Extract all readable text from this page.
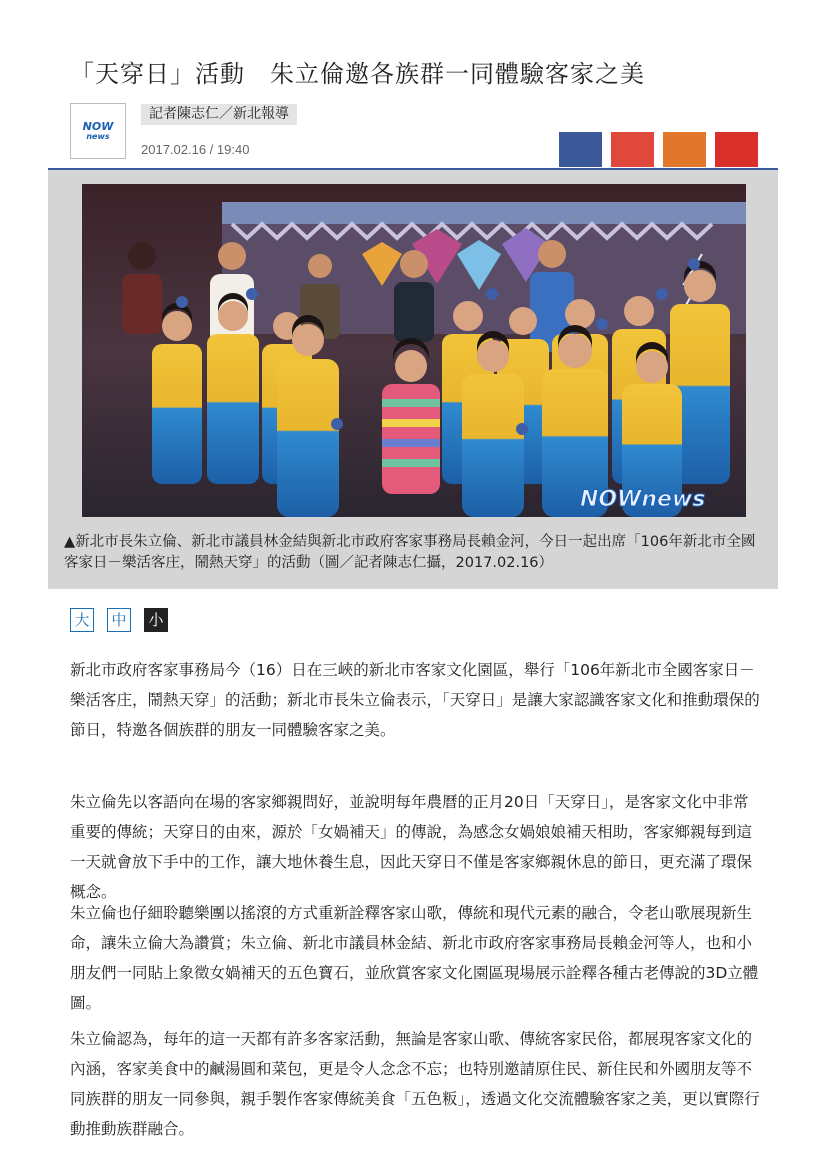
「天穿日」活動　朱立倫邀各族群一同體驗客家之美
NOW
news
記者陳志仁／新北報導
2017.02.16 / 19:40
NOWnews
▲新北市長朱立倫、新北市議員林金結與新北市政府客家事務局長賴金河，今日一起出席「106年新北市全國客家日－樂活客庄，鬧熱天穿」的活動（圖／記者陳志仁攝，2017.02.16）
大	中	小

新北市政府客家事務局今（16）日在三峽的新北市客家文化園區，舉行「106年新北市全國客家日－樂活客庄，鬧熱天穿」的活動；新北市長朱立倫表示，「天穿日」是讓大家認識客家文化和推動環保的節日，特邀各個族群的朋友一同體驗客家之美。

朱立倫先以客語向在場的客家鄉親問好，並說明每年農曆的正月20日「天穿日」，是客家文化中非常重要的傳統；天穿日的由來，源於「女媧補天」的傳說，為感念女媧娘娘補天相助，客家鄉親每到這一天就會放下手中的工作，讓大地休養生息，因此天穿日不僅是客家鄉親休息的節日，更充滿了環保概念。

朱立倫也仔細聆聽樂團以搖滾的方式重新詮釋客家山歌，傳統和現代元素的融合，令老山歌展現新生命，讓朱立倫大為讚賞；朱立倫、新北市議員林金結、新北市政府客家事務局長賴金河等人，也和小朋友們一同貼上象徵女媧補天的五色寶石，並欣賞客家文化園區現場展示詮釋各種古老傳說的3D立體圖。

朱立倫認為，每年的這一天都有許多客家活動，無論是客家山歌、傳統客家民俗，都展現客家文化的內涵，客家美食中的鹹湯圓和菜包，更是令人念念不忘；也特別邀請原住民、新住民和外國朋友等不同族群的朋友一同參與，親手製作客家傳統美食「五色粄」，透過文化交流體驗客家之美，更以實際行動推動族群融合。
